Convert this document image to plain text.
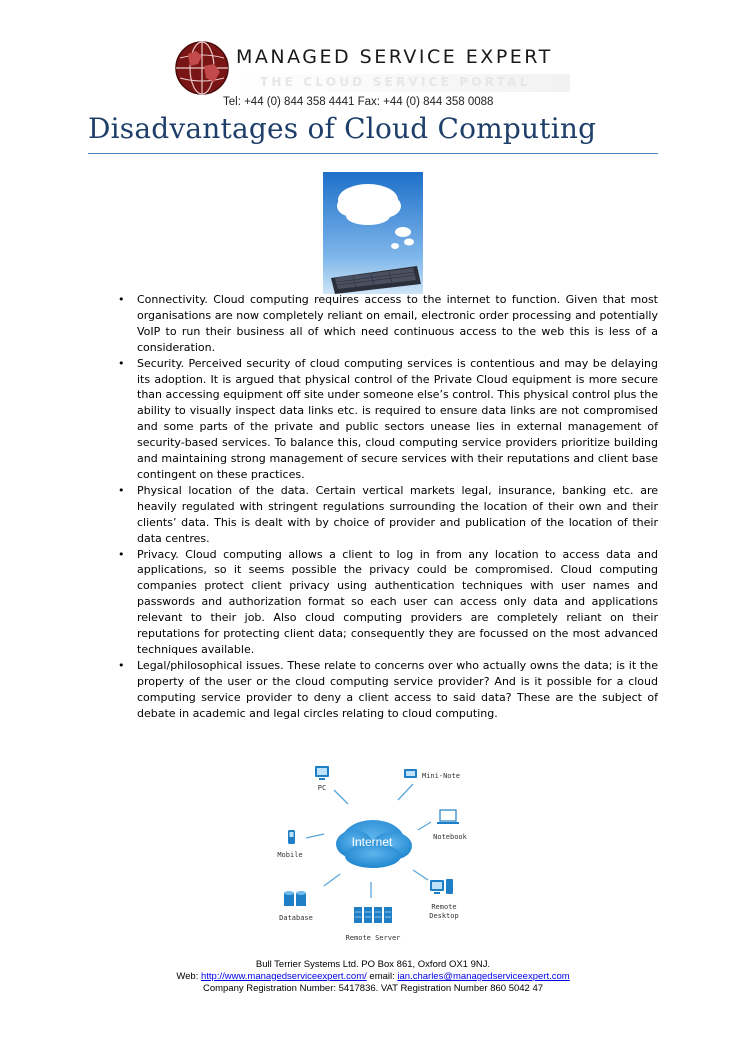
MANAGED SERVICE EXPERT
THE CLOUD SERVICE PORTAL
Tel: +44 (0) 844 358 4441 Fax: +44 (0) 844 358 0088
Disadvantages of Cloud Computing
• Connectivity. Cloud computing requires access to the internet to function. Given that most organisations are now completely reliant on email, electronic order processing and potentially VoIP to run their business all of which need continuous access to the web this is less of a consideration.
• Security. Perceived security of cloud computing services is contentious and may be delaying its adoption. It is argued that physical control of the Private Cloud equipment is more secure than accessing equipment off site under someone else’s control. This physical control plus the ability to visually inspect data links etc. is required to ensure data links are not compromised and some parts of the private and public sectors unease lies in external management of security-based services. To balance this, cloud computing service providers prioritize building and maintaining strong management of secure services with their reputations and client base contingent on these practices.
• Physical location of the data. Certain vertical markets legal, insurance, banking etc. are heavily regulated with stringent regulations surrounding the location of their own and their clients’ data. This is dealt with by choice of provider and publication of the location of their data centres.
• Privacy. Cloud computing allows a client to log in from any location to access data and applications, so it seems possible the privacy could be compromised. Cloud computing companies protect client privacy using authentication techniques with user names and passwords and authorization format so each user can access only data and applications relevant to their job. Also cloud computing providers are completely reliant on their reputations for protecting client data; consequently they are focussed on the most advanced techniques available.
• Legal/philosophical issues. These relate to concerns over who actually owns the data; is it the property of the user or the cloud computing service provider? And is it possible for a cloud computing service provider to deny a client access to said data? These are the subject of debate in academic and legal circles relating to cloud computing.
Internet
PC
Mini-Note
Notebook
Mobile
Remote
Desktop
Database
Remote Server
Bull Terrier Systems Ltd. PO Box 861, Oxford OX1 9NJ.
Web: http://www.managedserviceexpert.com/ email: ian.charles@managedserviceexpert.com
Company Registration Number: 5417836. VAT Registration Number 860 5042 47
